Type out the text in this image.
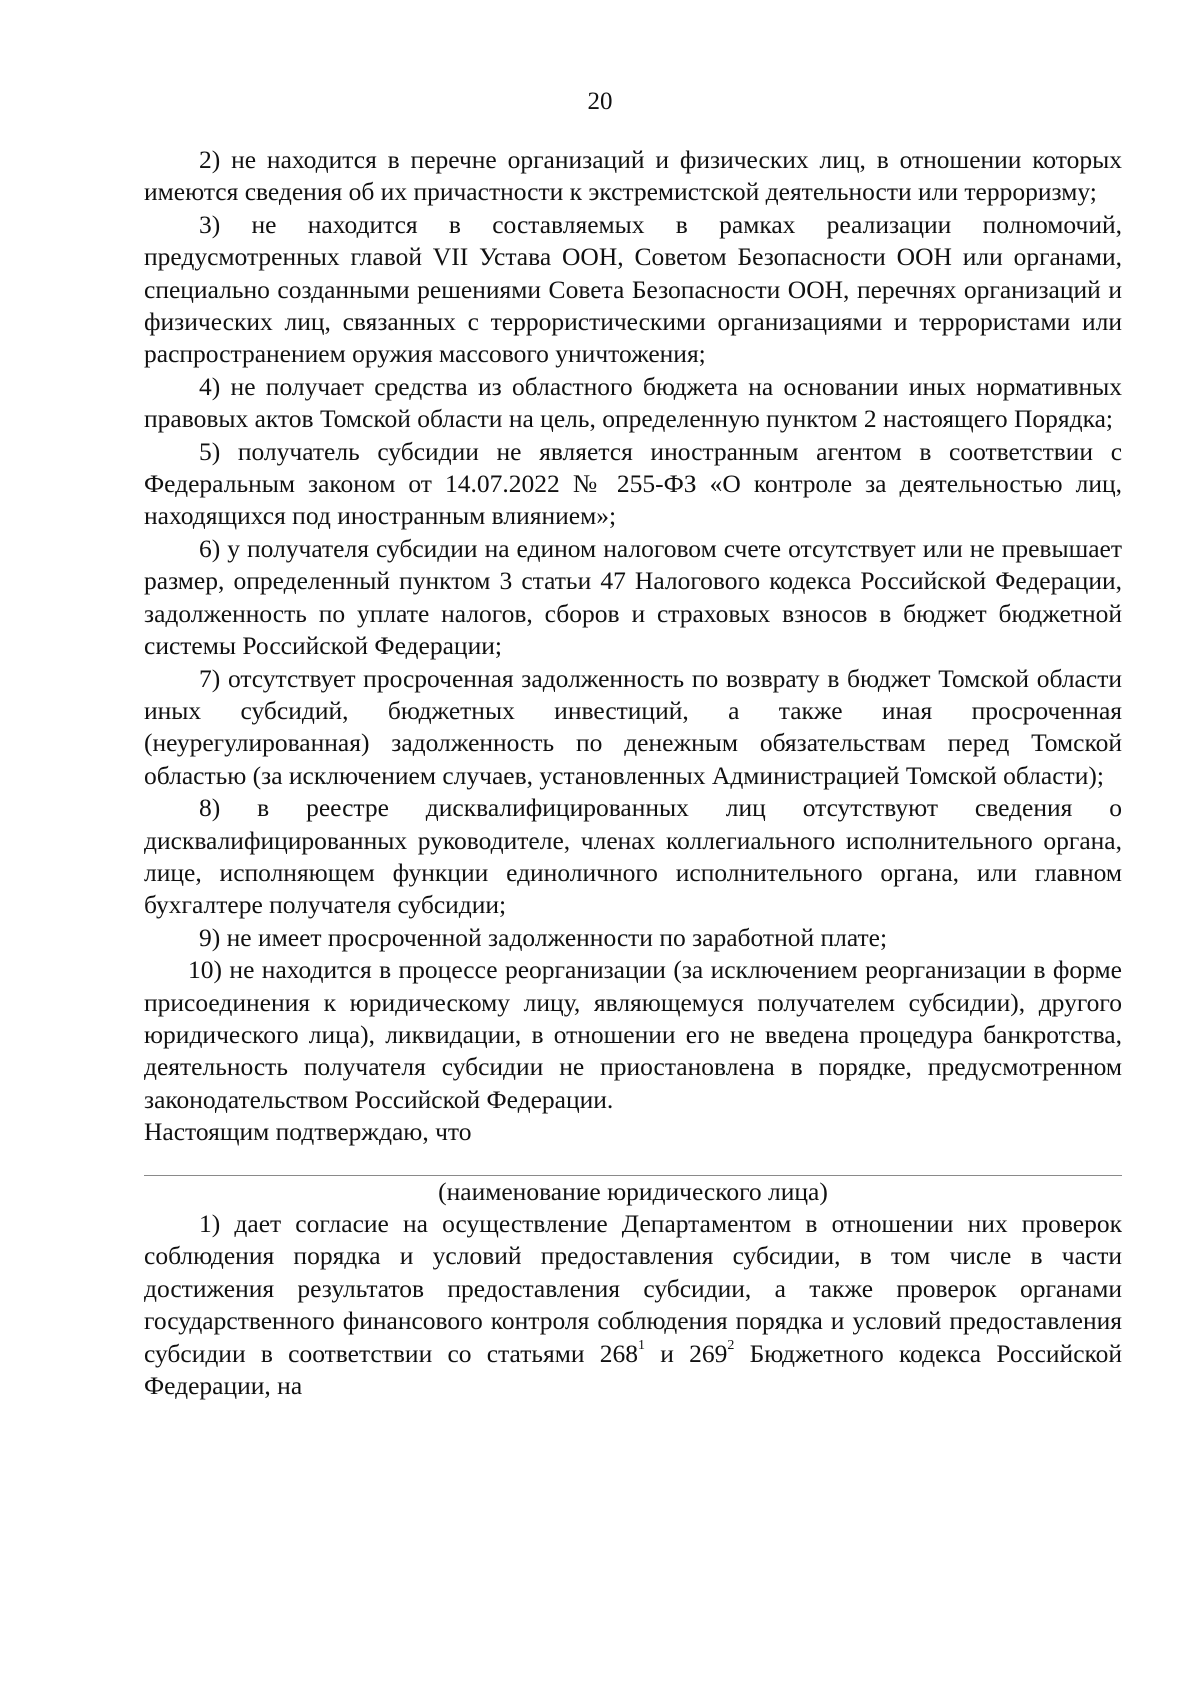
20

2) не находится в перечне организаций и физических лиц, в отношении которых имеются сведения об их причастности к экстремистской деятельности или терроризму;

3) не находится в составляемых в рамках реализации полномочий, предусмотренных главой VII Устава ООН, Советом Безопасности ООН или органами, специально созданными решениями Совета Безопасности ООН, перечнях организаций и физических лиц, связанных с террористическими организациями и террористами или распространением оружия массового уничтожения;

4) не получает средства из областного бюджета на основании иных нормативных правовых актов Томской области на цель, определенную пунктом 2 настоящего Порядка;

5) получатель субсидии не является иностранным агентом в соответствии с Федеральным законом от 14.07.2022 № 255-ФЗ «О контроле за деятельностью лиц, находящихся под иностранным влиянием»;

6) у получателя субсидии на едином налоговом счете отсутствует или не превышает размер, определенный пунктом 3 статьи 47 Налогового кодекса Российской Федерации, задолженность по уплате налогов, сборов и страховых взносов в бюджет бюджетной системы Российской Федерации;

7) отсутствует просроченная задолженность по возврату в бюджет Томской области иных субсидий, бюджетных инвестиций, а также иная просроченная (неурегулированная) задолженность по денежным обязательствам перед Томской областью (за исключением случаев, установленных Администрацией Томской области);

8) в реестре дисквалифицированных лиц отсутствуют сведения о дисквалифицированных руководителе, членах коллегиального исполнительного органа, лице, исполняющем функции единоличного исполнительного органа, или главном бухгалтере получателя субсидии;

9) не имеет просроченной задолженности по заработной плате;

10) не находится в процессе реорганизации (за исключением реорганизации в форме присоединения к юридическому лицу, являющемуся получателем субсидии), другого юридического лица), ликвидации, в отношении его не введена процедура банкротства, деятельность получателя субсидии не приостановлена в порядке, предусмотренном законодательством Российской Федерации.

Настоящим подтверждаю, что

(наименование юридического лица)

1) дает согласие на осуществление Департаментом в отношении них проверок соблюдения порядка и условий предоставления субсидии, в том числе в части достижения результатов предоставления субсидии, а также проверок органами государственного финансового контроля соблюдения порядка и условий предоставления субсидии в соответствии со статьями $268^1$ и $269^2$ Бюджетного кодекса Российской Федерации, на
